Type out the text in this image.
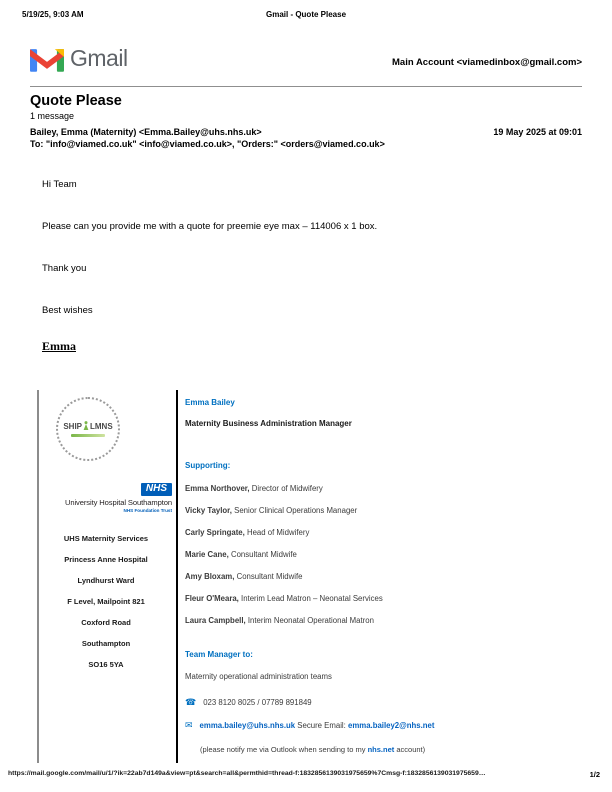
5/19/25, 9:03 AM	Gmail - Quote Please
Gmail	Main Account <viamedinbox@gmail.com>
Quote Please
1 message
Bailey, Emma (Maternity) <Emma.Bailey@uhs.nhs.uk>	19 May 2025 at 09:01
To: "info@viamed.co.uk" <info@viamed.co.uk>, "Orders:" <orders@viamed.co.uk>
Hi Team
Please can you provide me with a quote for preemie eye max – 114006 x 1 box.
Thank you
Best wishes
Emma
SHIP LMNS
NHS
University Hospital Southampton
NHS Foundation Trust
UHS Maternity Services
Princess Anne Hospital
Lyndhurst Ward
F Level, Mailpoint 821
Coxford Road
Southampton
SO16 5YA
Emma Bailey
Maternity Business Administration Manager
Supporting:
Emma Northover, Director of Midwifery
Vicky Taylor, Senior Clinical Operations Manager
Carly Springate, Head of Midwifery
Marie Cane, Consultant Midwife
Amy Bloxam, Consultant Midwife
Fleur O'Meara, Interim Lead Matron – Neonatal Services
Laura Campbell, Interim Neonatal Operational Matron
Team Manager to:
Maternity operational administration teams
☎ 023 8120 8025 / 07789 891849
✉ emma.bailey@uhs.nhs.uk Secure Email: emma.bailey2@nhs.net
(please notify me via Outlook when sending to my nhs.net account)
https://mail.google.com/mail/u/1/?ik=22ab7d149a&view=pt&search=all&permthid=thread-f:1832856139031975659%7Cmsg-f:1832856139031975659…	1/2
